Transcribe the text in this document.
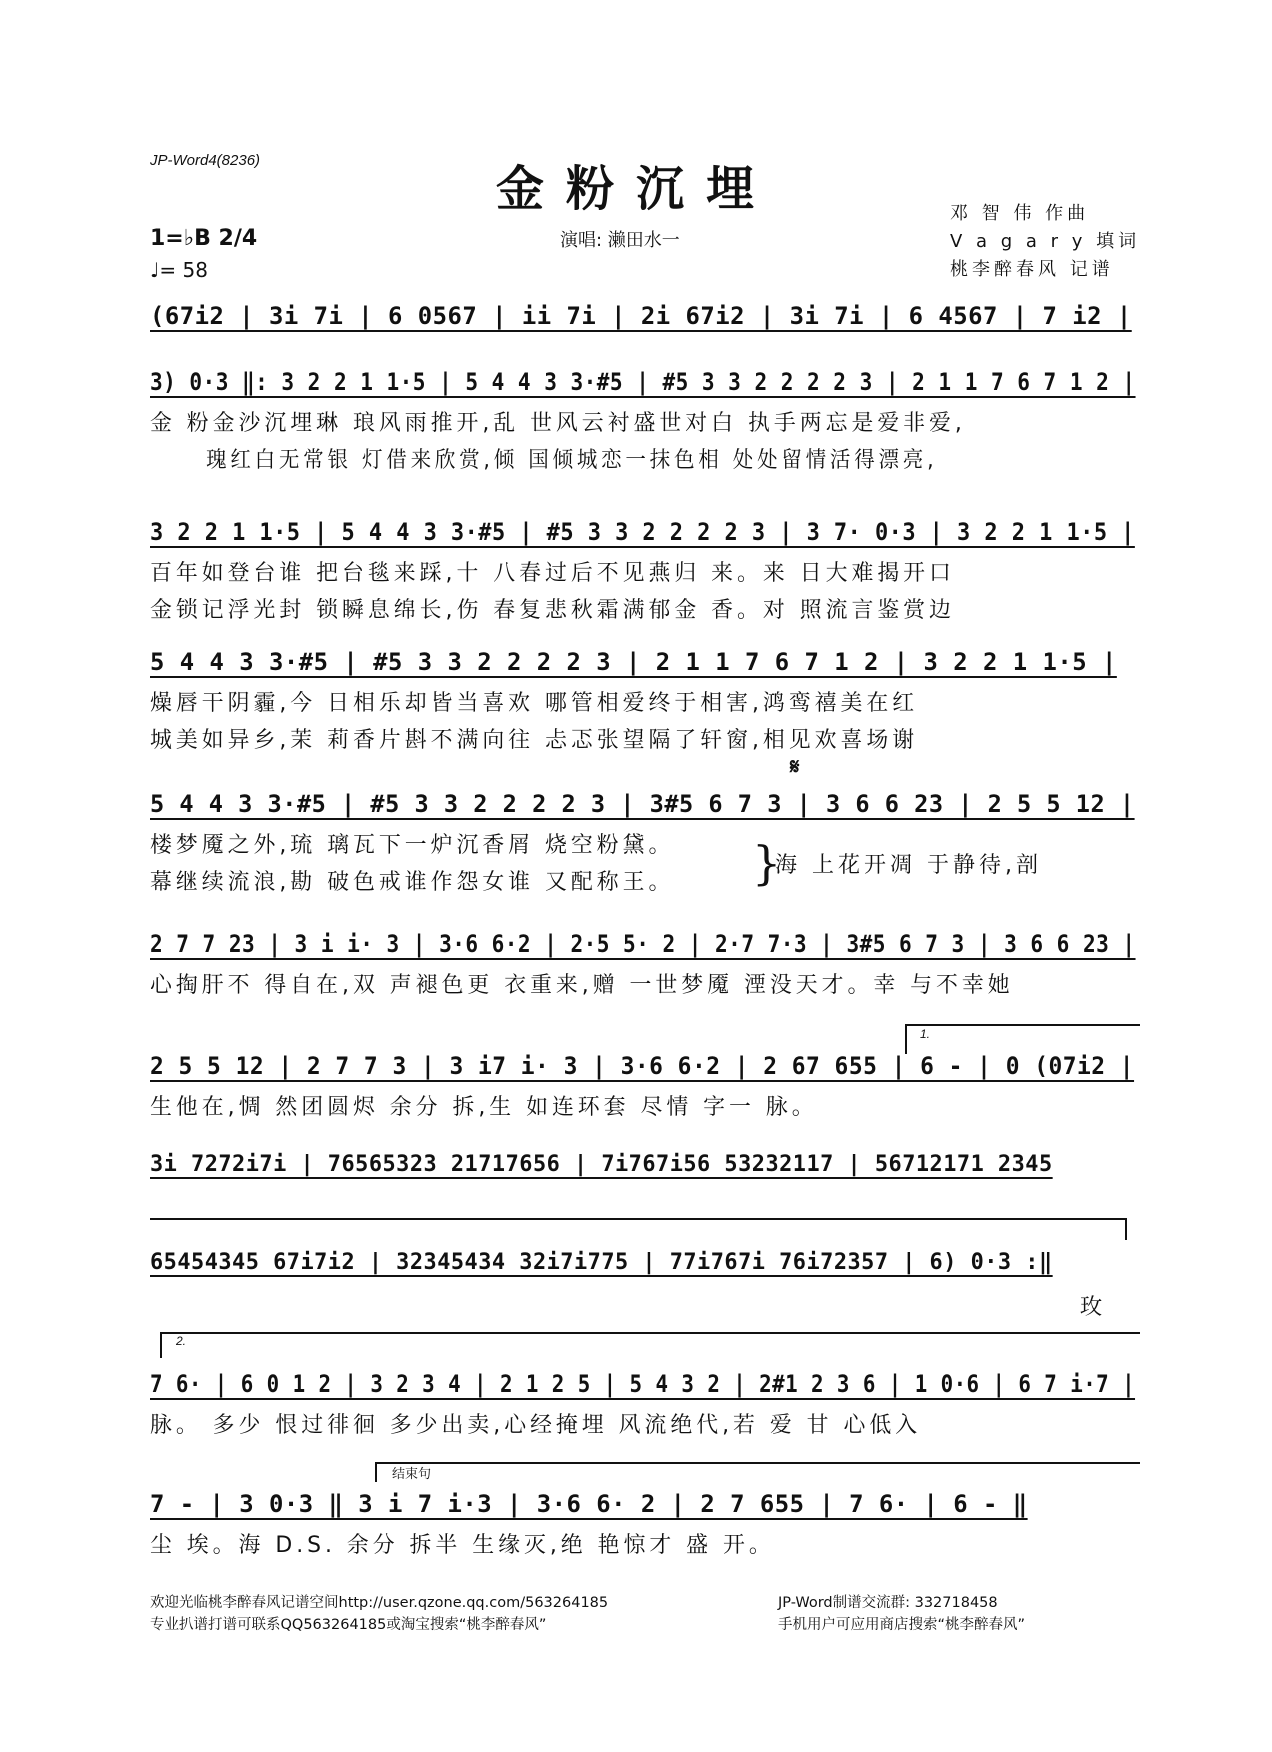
JP-Word4(8236)
金粉沉埋
1=♭B 2/4
♩= 58
演唱: 濑田水一
邓 智 伟 作曲
V a g a r y 填词
桃李醉春风 记谱
(67i2 | 3i 7i | 6 0567 | ii 7i | 2i 67i2 | 3i 7i | 6 4567 | 7 i2 |
3) 0·3 ‖: 3 2 2 1 1·5 | 5 4 4 3 3·#5 | #5 3 3 2 2 2 2 3 | 2 1 1 7 6 7 1 2 |
金 粉金沙沉埋琳 琅风雨推开,乱 世风云衬盛世对白 执手两忘是爱非爱,
瑰红白无常银 灯借来欣赏,倾 国倾城恋一抹色相 处处留情活得漂亮,
3 2 2 1 1·5 | 5 4 4 3 3·#5 | #5 3 3 2 2 2 2 3 | 3 7· 0·3 | 3 2 2 1 1·5 |
百年如登台谁 把台毯来踩,十 八春过后不见燕归 来。来 日大难揭开口
金锁记浮光封 锁瞬息绵长,伤 春复悲秋霜满郁金 香。对 照流言鉴赏边
5 4 4 3 3·#5 | #5 3 3 2 2 2 2 3 | 2 1 1 7 6 7 1 2 | 3 2 2 1 1·5 |
燥唇干阴霾,今 日相乐却皆当喜欢 哪管相爱终于相害,鸿鸾禧美在红
城美如异乡,茉 莉香片斟不满向往 忐忑张望隔了轩窗,相见欢喜场谢
𝄋
5 4 4 3 3·#5 | #5 3 3 2 2 2 2 3 | 3#5 6 7 3 | 3 6 6 23 | 2 5 5 12 |
楼梦魇之外,琉 璃瓦下一炉沉香屑 烧空粉黛。
幕继续流浪,勘 破色戒谁作怨女谁 又配称王。
海 上花开凋 于静待,剖
}
2 7 7 23 | 3 i i· 3 | 3·6 6·2 | 2·5 5· 2 | 2·7 7·3 | 3#5 6 7 3 | 3 6 6 23 |
心掏肝不 得自在,双 声褪色更 衣重来,赠 一世梦魇 湮没天才。幸 与不幸她
1.
2 5 5 12 | 2 7 7 3 | 3 i7 i· 3 | 3·6 6·2 | 2 67 655 | 6 - | 0 (07i2 |
生他在,惆 然团圆烬 余分 拆,生 如连环套 尽情 字一 脉。
3i 7272i7i | 76565323 21717656 | 7i767i56 53232117 | 56712171 2345
65454345 67i7i2 | 32345434 32i7i775 | 77i767i 76i72357 | 6) 0·3 :‖
玫
2.
7 6· | 6 0 1 2 | 3 2 3 4 | 2 1 2 5 | 5 4 3 2 | 2#1 2 3 6 | 1 0·6 | 6 7 i·7 |
脉。 多少 恨过徘徊 多少出卖,心经掩埋 风流绝代,若 爱 甘 心低入
结束句
7 - | 3 0·3 ‖ 3 i 7 i·3 | 3·6 6· 2 | 2 7 655 | 7 6· | 6 - ‖
尘 埃。海 D.S. 余分 拆半 生缘灭,绝 艳惊才 盛 开。
欢迎光临桃李醉春风记谱空间http://user.qzone.qq.com/563264185
专业扒谱打谱可联系QQ563264185或淘宝搜索“桃李醉春风”
JP-Word制谱交流群: 332718458
手机用户可应用商店搜索“桃李醉春风”
